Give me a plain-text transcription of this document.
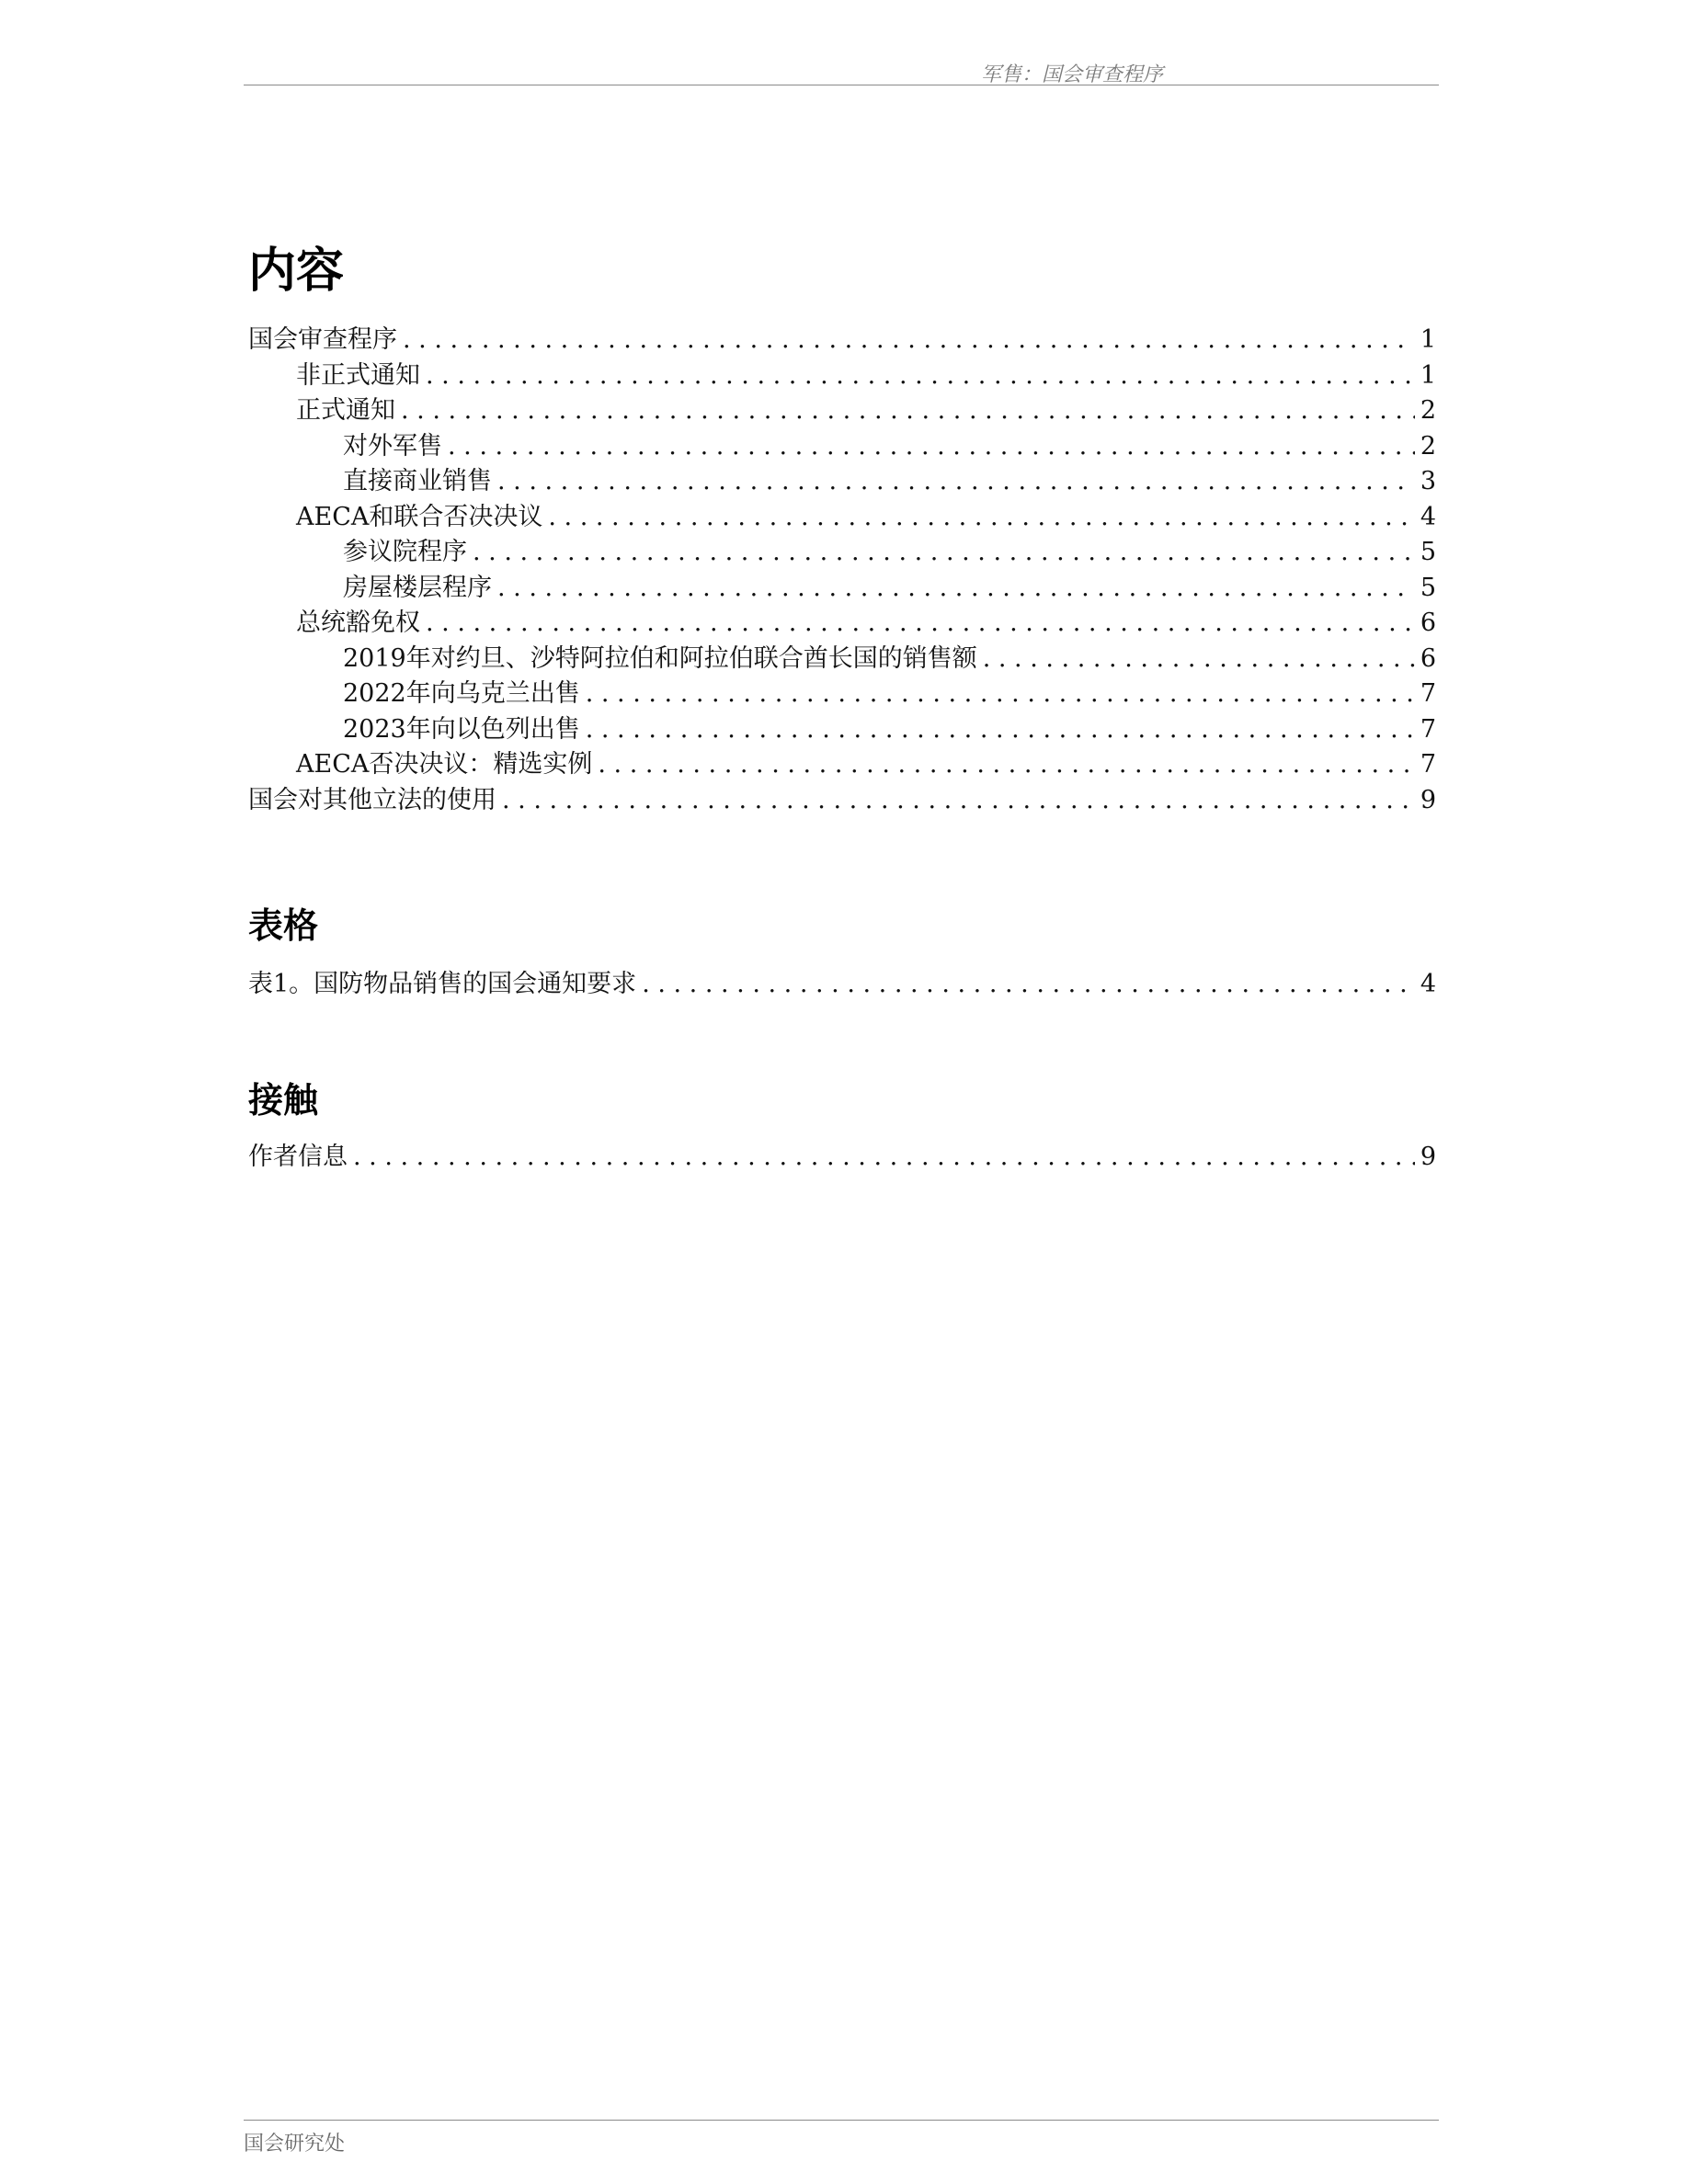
军售：国会审查程序
内容
国会审查程序 . . .	1
非正式通知 . . .	1
正式通知 . . .	2
对外军售 . . .	2
直接商业销售 . . .	3
AECA和联合否决决议 . . .	4
参议院程序 . . .	5
房屋楼层程序 . . .	5
总统豁免权 . . .	6
2019年对约旦、沙特阿拉伯和阿拉伯联合酋长国的销售额 . . .	6
2022年向乌克兰出售 . . .	7
2023年向以色列出售 . . .	7
AECA否决决议：精选实例 . . .	7
国会对其他立法的使用 . . .	9
表格
表1。国防物品销售的国会通知要求 . . .	4
接触
作者信息 . . .	9
国会研究处
